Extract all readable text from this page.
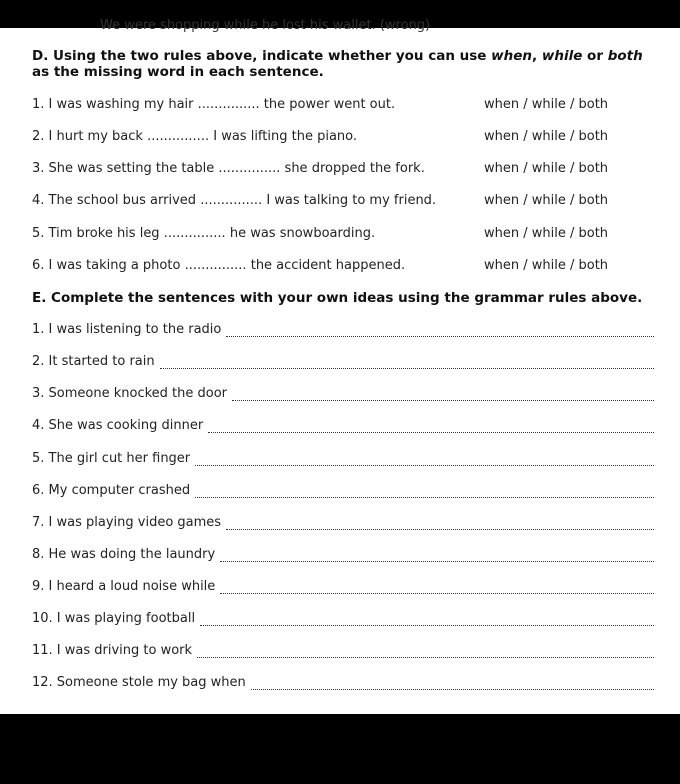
We were shopping while he lost his wallet. (wrong)
D. Using the two rules above, indicate whether you can use when, while or both as the missing word in each sentence.
1. I was washing my hair ............... the power went out.	when / while / both
2. I hurt my back ............... I was lifting the piano.	when / while / both
3. She was setting the table ............... she dropped the fork.	when / while / both
4. The school bus arrived ............... I was talking to my friend.	when / while / both
5. Tim broke his leg ............... he was snowboarding.	when / while / both
6. I was taking a photo ............... the accident happened.	when / while / both
E. Complete the sentences with your own ideas using the grammar rules above.
1. I was listening to the radio
2. It started to rain
3. Someone knocked the door
4. She was cooking dinner
5. The girl cut her finger
6. My computer crashed
7. I was playing video games
8. He was doing the laundry
9. I heard a loud noise while
10. I was playing football
11. I was driving to work
12. Someone stole my bag when
